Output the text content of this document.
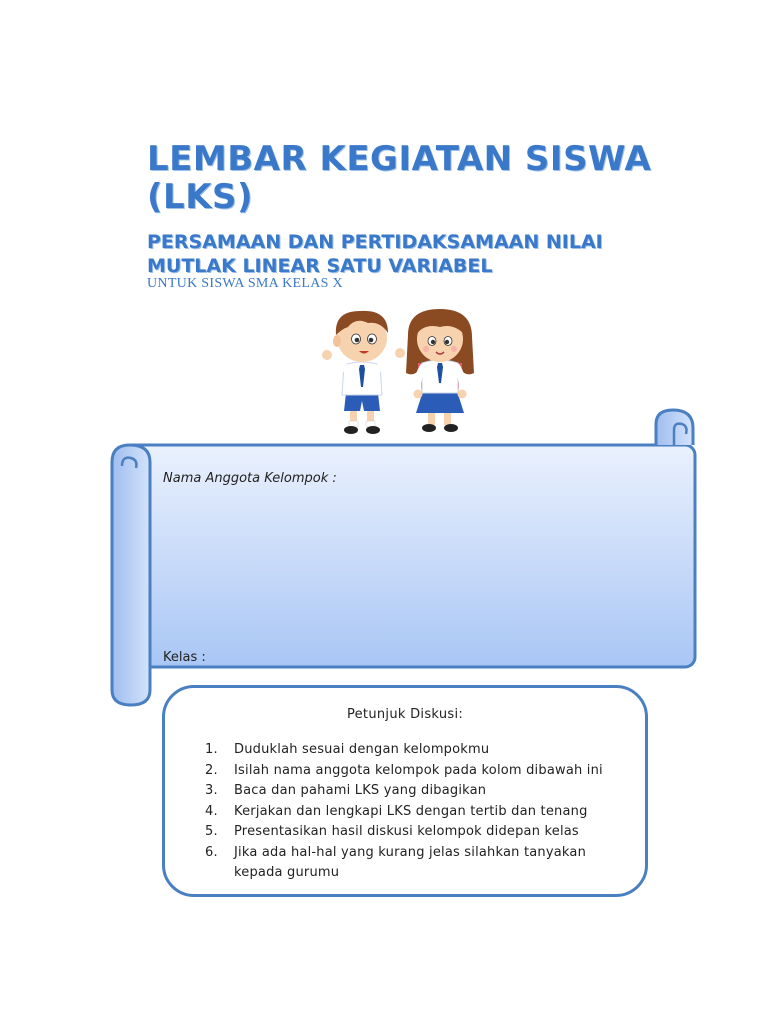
LEMBAR KEGIATAN SISWA
(LKS)
PERSAMAAN DAN PERTIDAKSAMAAN NILAI
MUTLAK LINEAR SATU VARIABEL

UNTUK SISWA SMA KELAS X

Nama Anggota Kelompok :
Kelas :
Petunjuk Diskusi:
1. Duduklah sesuai dengan kelompokmu
2. Isilah nama anggota kelompok pada kolom dibawah ini
3. Baca dan pahami LKS yang dibagikan
4. Kerjakan dan lengkapi LKS dengan tertib dan tenang
5. Presentasikan hasil diskusi kelompok didepan kelas
6. Jika ada hal-hal yang kurang jelas silahkan tanyakan kepada gurumu
